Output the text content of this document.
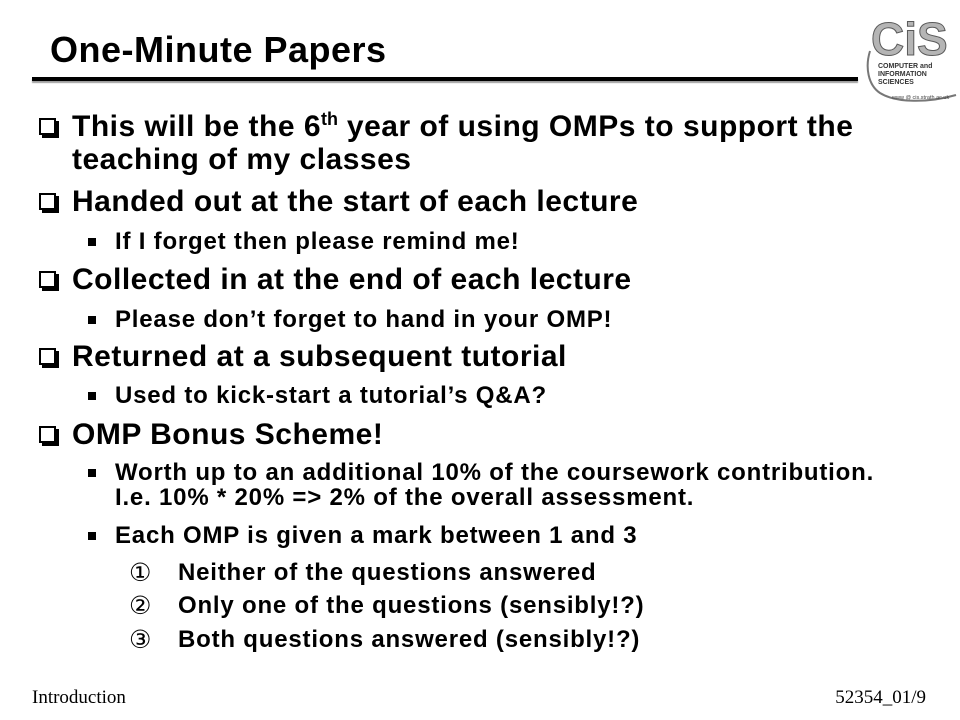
One-Minute Papers	CiS
COMPUTER and
INFORMATION
SCIENCES
www @ cis.strath.ac.uk
This will be the 6th year of using OMPs to support the
teaching of my classes
Handed out at the start of each lecture
If I forget then please remind me!
Collected in at the end of each lecture
Please don’t forget to hand in your OMP!
Returned at a subsequent tutorial
Used to kick-start a tutorial’s Q&A?
OMP Bonus Scheme!
Worth up to an additional 10% of the coursework contribution.
I.e. 10% * 20% => 2% of the overall assessment.
Each OMP is given a mark between 1 and 3
① Neither of the questions answered
② Only one of the questions (sensibly!?)
③ Both questions answered (sensibly!?)
Introduction	52354_01/9
